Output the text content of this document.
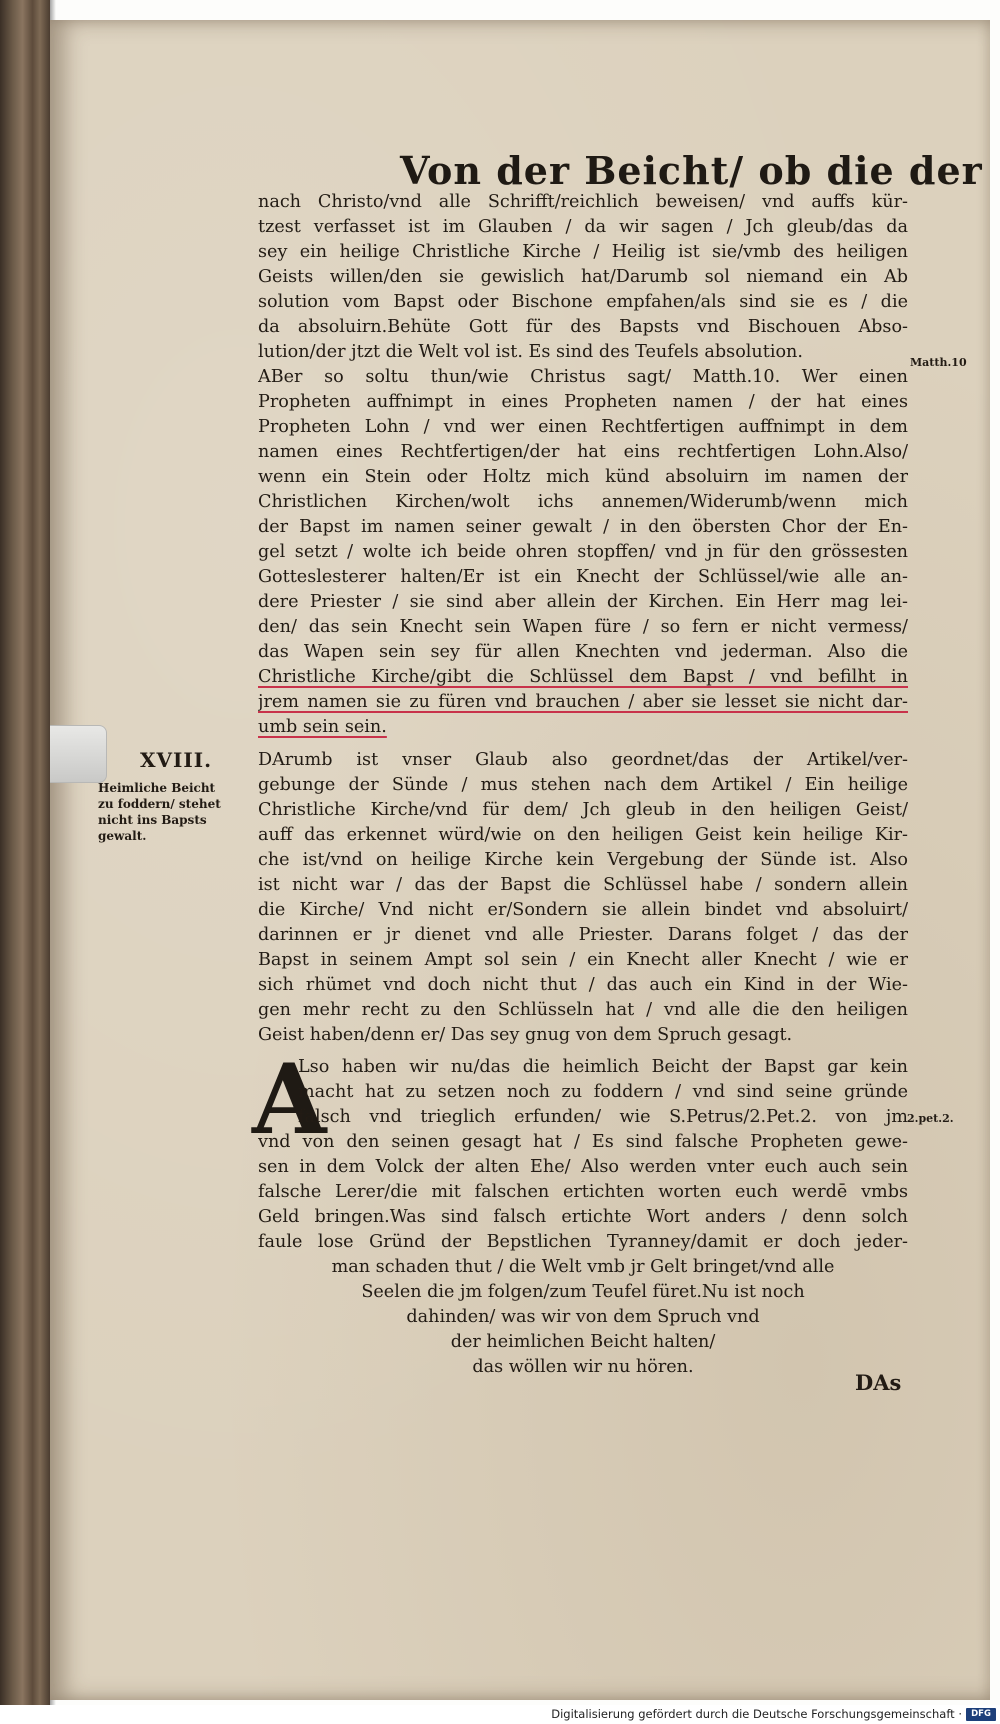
Von der Beicht/ ob die der
nach Christo/vnd alle Schrifft/reichlich beweisen/ vnd auffs kür-
tzest verfasset ist im Glauben / da wir sagen / Jch gleub/das da
sey ein heilige Christliche Kirche / Heilig ist sie/vmb des heiligen
Geists willen/den sie gewislich hat/Darumb sol niemand ein Ab
solution vom Bapst oder Bischone empfahen/als sind sie es / die
da absoluirn.Behüte Gott für des Bapsts vnd Bischouen Abso-
lution/der jtzt die Welt vol ist. Es sind des Teufels absolution.
ABer so soltu thun/wie Christus sagt/ Matth.10. Wer einen
Propheten auffnimpt in eines Propheten namen / der hat eines
Propheten Lohn / vnd wer einen Rechtfertigen auffnimpt in dem
namen eines Rechtfertigen/der hat eins rechtfertigen Lohn.Also/
wenn ein Stein oder Holtz mich künd absoluirn im namen der
Christlichen Kirchen/wolt ichs annemen/Widerumb/wenn mich
der Bapst im namen seiner gewalt / in den öbersten Chor der En-
gel setzt / wolte ich beide ohren stopffen/ vnd jn für den grössesten
Gotteslesterer halten/Er ist ein Knecht der Schlüssel/wie alle an-
dere Priester / sie sind aber allein der Kirchen. Ein Herr mag lei-
den/ das sein Knecht sein Wapen füre / so fern er nicht vermess/
das Wapen sein sey für allen Knechten vnd jederman. Also die
Christliche Kirche/gibt die Schlüssel dem Bapst / vnd befilht in
jrem namen sie zu füren vnd brauchen / aber sie lesset sie nicht dar-
umb sein sein.
Matth.10
XVIII.
Heimliche Beicht
zu foddern/ stehet
nicht ins Bapsts
gewalt.
DArumb ist vnser Glaub also geordnet/das der Artikel/ver-
gebunge der Sünde / mus stehen nach dem Artikel / Ein heilige
Christliche Kirche/vnd für dem/ Jch gleub in den heiligen Geist/
auff das erkennet würd/wie on den heiligen Geist kein heilige Kir-
che ist/vnd on heilige Kirche kein Vergebung der Sünde ist. Also
ist nicht war / das der Bapst die Schlüssel habe / sondern allein
die Kirche/ Vnd nicht er/Sondern sie allein bindet vnd absoluirt/
darinnen er jr dienet vnd alle Priester. Darans folget / das der
Bapst in seinem Ampt sol sein / ein Knecht aller Knecht / wie er
sich rhümet vnd doch nicht thut / das auch ein Kind in der Wie-
gen mehr recht zu den Schlüsseln hat / vnd alle die den heiligen
Geist haben/denn er/ Das sey gnug von dem Spruch gesagt.
A
Lso haben wir nu/das die heimlich Beicht der Bapst gar kein
macht hat zu setzen noch zu foddern / vnd sind seine gründe
falsch vnd trieglich erfunden/ wie S.Petrus/2.Pet.2. von jm
vnd von den seinen gesagt hat / Es sind falsche Propheten gewe-
sen in dem Volck der alten Ehe/ Also werden vnter euch auch sein
falsche Lerer/die mit falschen ertichten worten euch werdē vmbs
Geld bringen.Was sind falsch ertichte Wort anders / denn solch
faule lose Gründ der Bepstlichen Tyranney/damit er doch jeder-
man schaden thut / die Welt vmb jr Gelt bringet/vnd alle
Seelen die jm folgen/zum Teufel füret.Nu ist noch
dahinden/ was wir von dem Spruch vnd
der heimlichen Beicht halten/
das wöllen wir nu hören.
2.pet.2.
DAs
Digitalisierung gefördert durch die Deutsche Forschungsgemeinschaft ·	DFG
